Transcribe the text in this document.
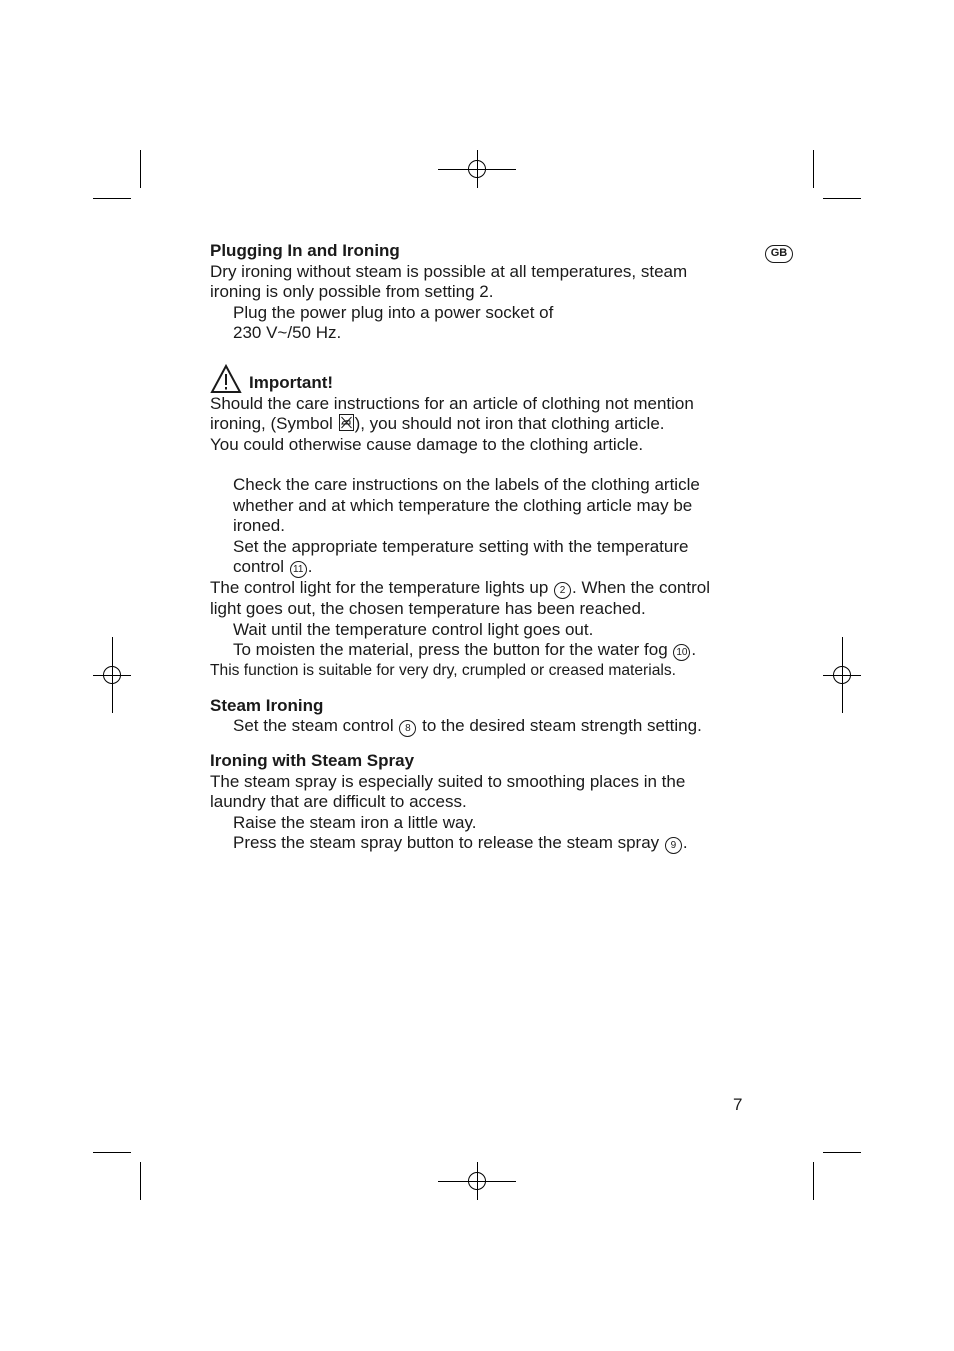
GB
Plugging In and Ironing
Dry ironing without steam is possible at all temperatures, steam
ironing is only possible from setting 2.
Plug the power plug into a power socket of
230 V~/50 Hz.
Important!
Should the care instructions for an article of clothing not mention
ironing, (Symbol
), you should not iron that clothing article.
You could otherwise cause damage to the clothing article.
Check the care instructions on the labels of the clothing article
whether and at which temperature the clothing article may be
ironed.
Set the appropriate temperature setting with the temperature
control 11 .
The control light for the temperature lights up 2 . When the control
light goes out, the chosen temperature has been reached.
Wait until the temperature control light goes out.
To moisten the material, press the button for the water fog 10 .
This function is suitable for very dry, crumpled or creased materials.
Steam Ironing
Set the steam control 8 to the desired steam strength setting.
Ironing with Steam Spray
The steam spray is especially suited to smoothing places in the
laundry that are difficult to access.
Raise the steam iron a little way.
Press the steam spray button to release the steam spray 9 .
7
